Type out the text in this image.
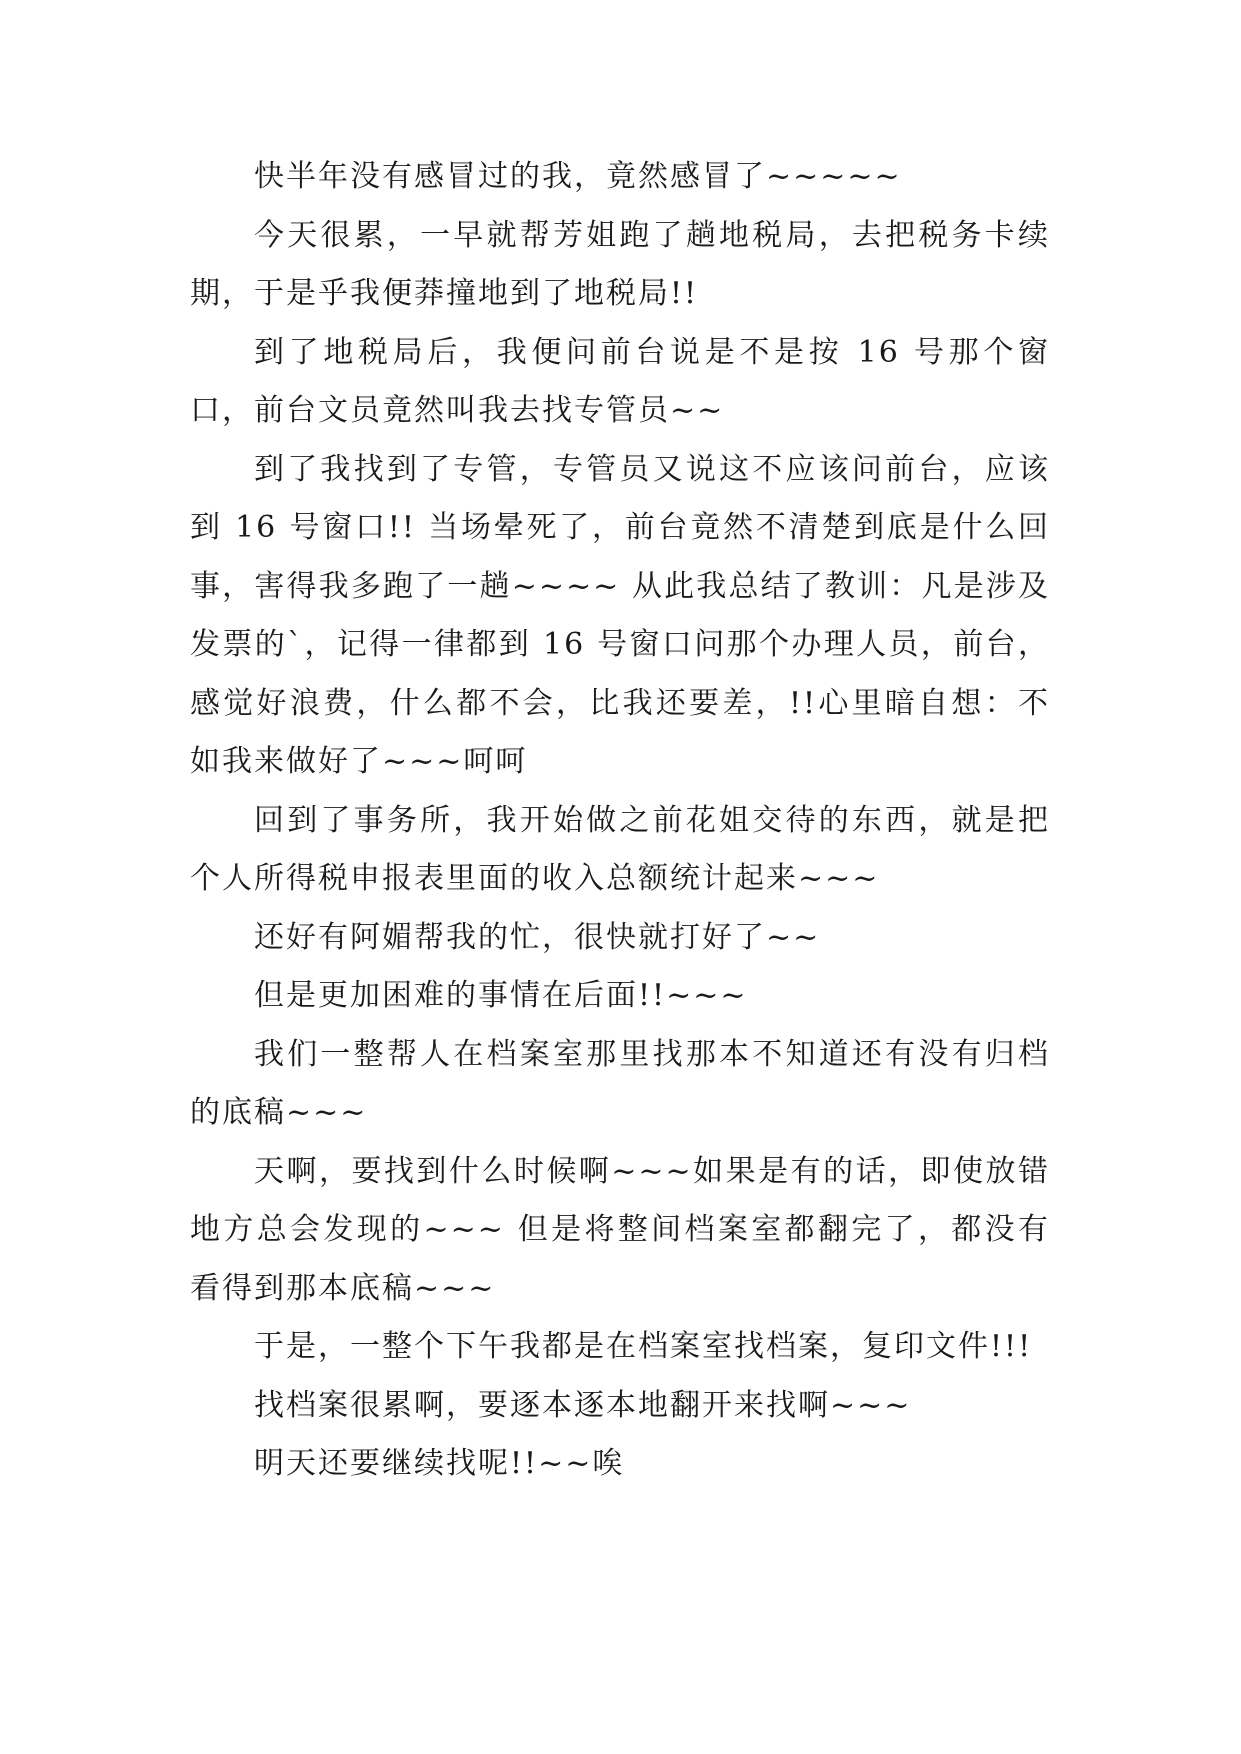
快半年没有感冒过的我，竟然感冒了~~~~~

今天很累，一早就帮芳姐跑了趟地税局，去把税务卡续期，于是乎我便莽撞地到了地税局!!

到了地税局后，我便问前台说是不是按 16 号那个窗口，前台文员竟然叫我去找专管员~~

到了我找到了专管，专管员又说这不应该问前台，应该到 16 号窗口!! 当场晕死了，前台竟然不清楚到底是什么回事，害得我多跑了一趟~~~~ 从此我总结了教训：凡是涉及发票的`，记得一律都到 16 号窗口问那个办理人员，前台，感觉好浪费，什么都不会，比我还要差，!!心里暗自想：不如我来做好了~~~呵呵

回到了事务所，我开始做之前花姐交待的东西，就是把个人所得税申报表里面的收入总额统计起来~~~

还好有阿媚帮我的忙，很快就打好了~~

但是更加困难的事情在后面!!~~~

我们一整帮人在档案室那里找那本不知道还有没有归档的底稿~~~

天啊，要找到什么时候啊~~~如果是有的话，即使放错地方总会发现的~~~ 但是将整间档案室都翻完了，都没有看得到那本底稿~~~

于是，一整个下午我都是在档案室找档案，复印文件!!!

找档案很累啊，要逐本逐本地翻开来找啊~~~

明天还要继续找呢!!~~唉
